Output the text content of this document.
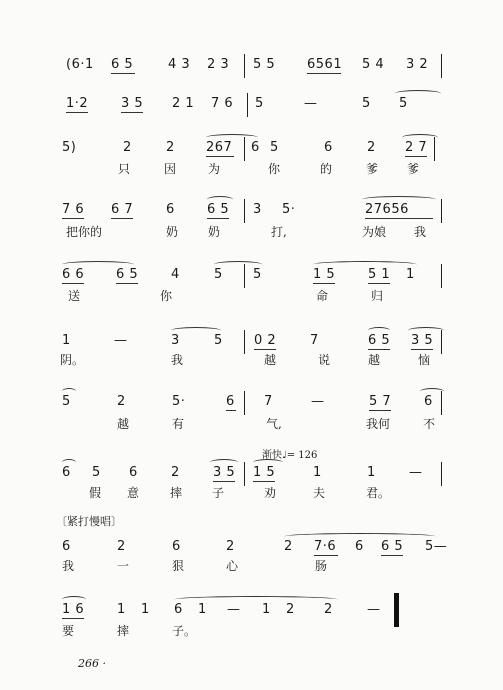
(6·1 6 5	4 3 2 3 5 5 6561 5 4 3 2
1·2	3 5 2 1 7 6 5	—	5 5
5)	2	2 267 6 5	6	2 2 7
只	因	为	你	的	爹 爹
7 6 6 7	6 6 5 3 5·	27656
把你的	奶 奶	打,	为娘 我
6 6 6 5	4	5 5	1 5	5 1 1
送	你	命	归
1	—	3	5 0 2	7	6 5 3 5
阴。	我	越	说	越	恼
5	2	5·	6 7	—	5 7	6
越	有	气,	我何	不
渐快♩= 126
6 5 6	2	3 5 1 5	1	1	—
假 意	摔 子	劝	夫	君。
〔紧打慢唱〕
6	2	6	2	2 7·6 6 6 5 5—
我	一	狠	心	肠
1 6	1 1 6 1 — 1 2 2	—
要	摔	子。
266 ·
